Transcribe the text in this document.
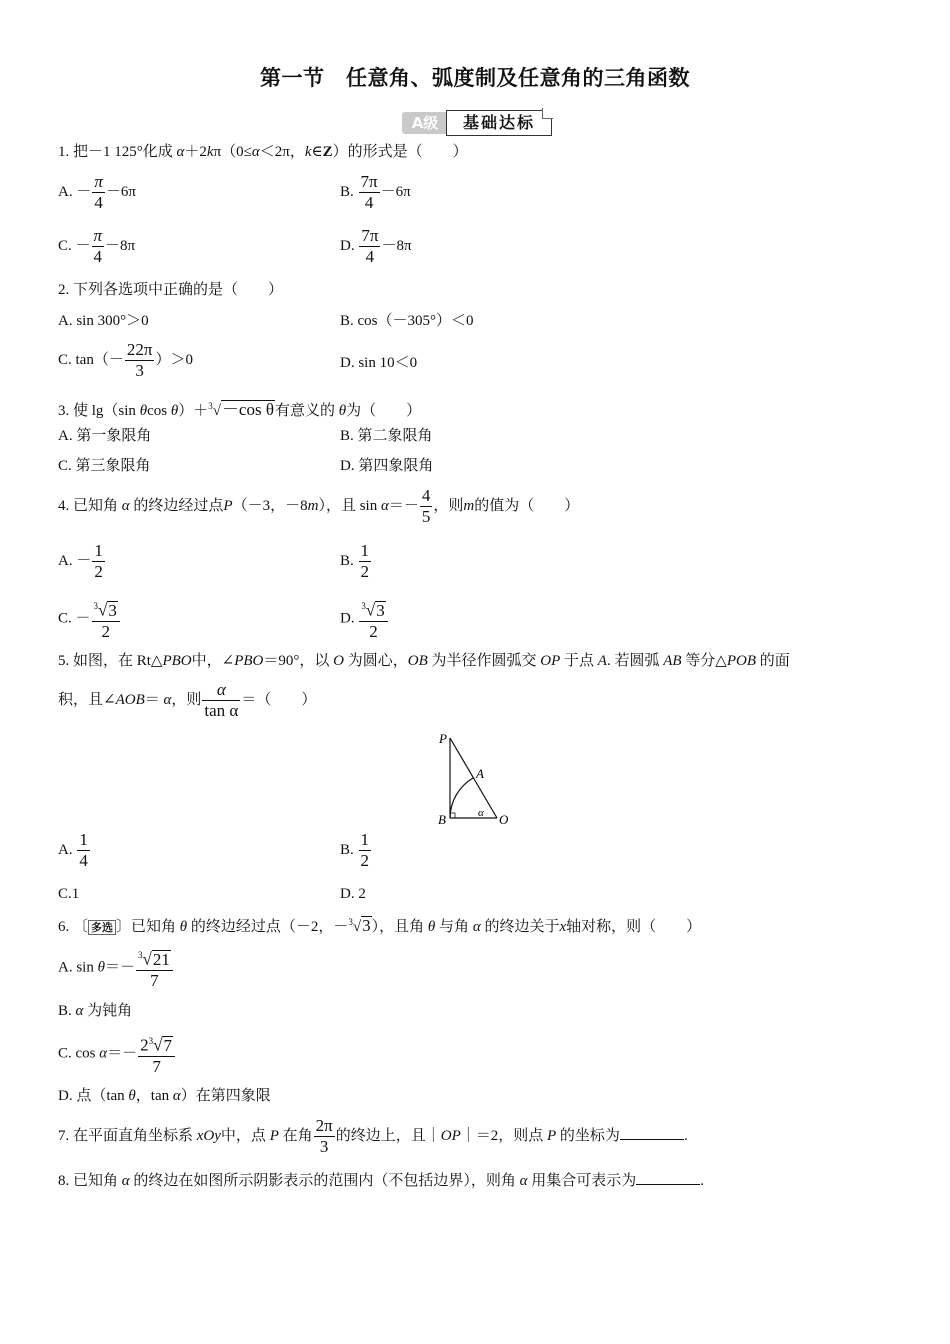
第一节　任意角、弧度制及任意角的三角函数
A级	基础达标
1. 把－1 125°化成 α＋2kπ（0≤α＜2π，k∈Z）的形式是（　　）
A. － $\frac{\pi}{4} -6\pi$	B. $\frac{7\pi}{4} -6\pi$
C. － $\frac{\pi}{4} -8\pi$	D. $\frac{7\pi}{4} -8\pi$
2. 下列各选项中正确的是（　　）
A. sin 300°＞0	B. cos（－305°）＜0
C. $\tan(- \frac{22\pi}{3} )>0$	D. sin 10＜0
3. 使 lg（sin θcos θ）＋$^3$√－cos θ有意义的 θ为（　　）
A. 第一象限角	B. 第二象限角
C. 第三象限角	D. 第四象限角
4. 已知角 α 的终边经过点P（－3，－8m），且 $\sin \alpha=- \frac{4}{5}$ ，则m的值为（　　）
A. － $\frac{1}{2}$	B. $\frac{1}{2}$
C. － $\frac{^3√3}{2}$	D. $\frac{^3√3}{2}$
5. 如图，在 Rt△PBO中，∠PBO＝90°，以 O 为圆心，OB 为半径作圆弧交 OP 于点 A. 若圆弧 AB 等分△POB 的面
积，且∠AOB＝ α，则 $\frac{\alpha}{\text{tan α}}$ ＝（　　）
P
A
B	O
α
A. $\frac{1}{4}$	B. $\frac{1}{2}$
C.1	D. 2
6. 〔 多选 〕已知角 θ 的终边经过点（－2，－$^3$√3），且角 θ 与角 α 的终边关于x轴对称，则（　　）
A. $\sin \theta=- \frac{^3√21}{7}$
B. α 为钝角
C. $\cos \alpha=- \frac{2^3√7}{7}$
D. 点（tan θ，tan α）在第四象限
7. 在平面直角坐标系 xOy中，点 P 在角 $\frac{2\pi}{3}$ 的终边上，且｜OP｜＝2，则点 P 的坐标为	.
8. 已知角 α 的终边在如图所示阴影表示的范围内（不包括边界），则角 α 用集合可表示为	.
